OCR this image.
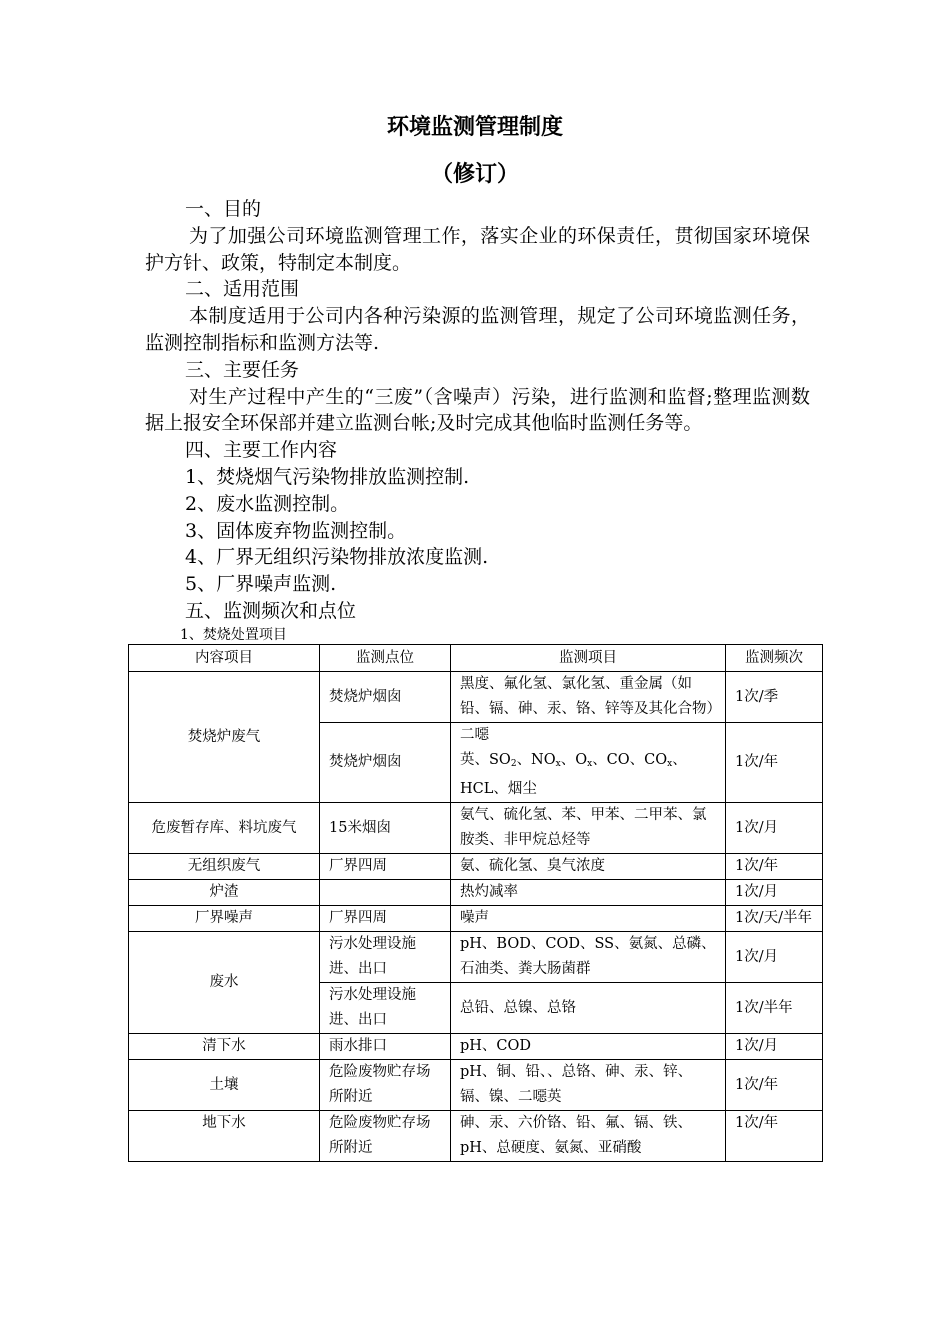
环境监测管理制度
（修订）

一、目的

为了加强公司环境监测管理工作，落实企业的环保责任，贯彻国家环境保护方针、政策，特制定本制度。

二、适用范围

本制度适用于公司内各种污染源的监测管理，规定了公司环境监测任务，监测控制指标和监测方法等.

三、主要任务

对生产过程中产生的“三废”（含噪声）污染，进行监测和监督;整理监测数据上报安全环保部并建立监测台帐;及时完成其他临时监测任务等。

四、主要工作内容

1、焚烧烟气污染物排放监测控制.

2、废水监测控制。

3、固体废弃物监测控制。

4、厂界无组织污染物排放浓度监测.

5、厂界噪声监测.

五、监测频次和点位

1、焚烧处置项目
内容项目	监测点位	监测项目	监测频次
焚烧炉废气	焚烧炉烟囱	黑度、氟化氢、氯化氢、重金属（如铅、镉、砷、汞、铬、锌等及其化合物）	1次/季
	焚烧炉烟囱	二噁
英、$SO_2$、$NO_x$、$O_x$、CO、$CO_x$、HCL、烟尘	1次/年
危废暂存库、料坑废气	15米烟囱	氨气、硫化氢、苯、甲苯、二甲苯、氯胺类、非甲烷总烃等	1次/月
无组织废气	厂界四周	氨、硫化氢、臭气浓度	1次/年
炉渣		热灼减率	1次/月
厂界噪声	厂界四周	噪声	1次/天/半年
废水	污水处理设施进、出口	pH、BOD、COD、SS、氨氮、总磷、石油类、粪大肠菌群	1次/月
	污水处理设施进、出口	总铅、总镍、总铬	1次/半年
清下水	雨水排口	pH、COD	1次/月
土壤	危险废物贮存场所附近	pH、铜、铅、、总铬、砷、汞、锌、镉、镍、二噁英	1次/年
地下水	危险废物贮存场所附近	砷、汞、六价铬、铅、氟、镉、铁、pH、总硬度、氨氮、亚硝酸	1次/年
